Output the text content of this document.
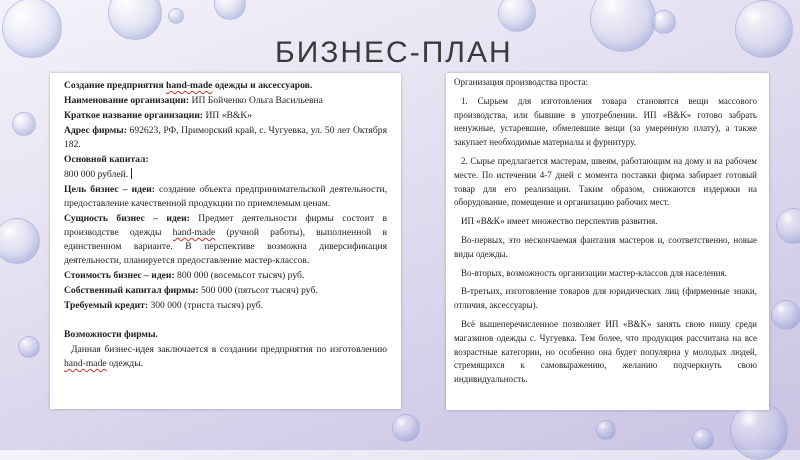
БИЗНЕС-ПЛАН

Создание предприятия hand-made одежды и аксессуаров.

Наименование организации: ИП Бойченко Ольга Васильевна

Краткое название организации: ИП «B&K»

Адрес фирмы: 692623, РФ, Приморский край, с. Чугуевка, ул. 50 лет Октября 182.

Основной капитал:

800 000 рублей.

Цель бизнес – идеи: создание объекта предпринимательской деятельности, предоставление качественной продукции по приемлемым ценам.

Сущность бизнес – идеи: Предмет деятельности фирмы состоит в производстве одежды hand-made (ручной работы), выполненной в единственном варианте. В перспективе возможна диверсификация деятельности, планируется предоставление мастер-классов.

Стоимость бизнес – идеи: 800 000 (восемьсот тысяч) руб.

Собственный капитал фирмы: 500 000 (пятьсот тысяч) руб.

Требуемый кредит: 300 000 (триста тысяч) руб.

Возможности фирмы.

Данная бизнес-идея заключается в создании предприятия по изготовлению hand-made одежды.

Организация производства проста:

1. Сырьем для изготовления товара становятся вещи массового производства, или бывшие в употреблении. ИП «B&K» готово забрать ненужные, устаревшие, обмелевшие вещи (за умеренную плату), а также закупает необходимые материалы и фурнитуру.

2. Сырье предлагается мастерам, швеям, работающим на дому и на рабочем месте. По истечении 4-7 дней с момента поставки фирма забирает готовый товар для его реализации. Таким образом, снижаются издержки на оборудование, помещение и организацию рабочих мест.

ИП «B&K» имеет множество перспектив развития.

Во-первых, это нескончаемая фантазия мастеров и, соответственно, новые виды одежды.

Во-вторых, возможность организации мастер-классов для населения.

В-третьих, изготовление товаров для юридических лиц (фирменные знаки, отличия, аксессуары).

Всё вышеперечисленное позволяет ИП «B&K» занять свою нишу среди магазинов одежды с. Чугуевка. Тем более, что продукция рассчитана на все возрастные категории, но особенно она будет популярна у молодых людей, стремящихся к самовыражению, желанию подчеркнуть свою индивидуальность.
